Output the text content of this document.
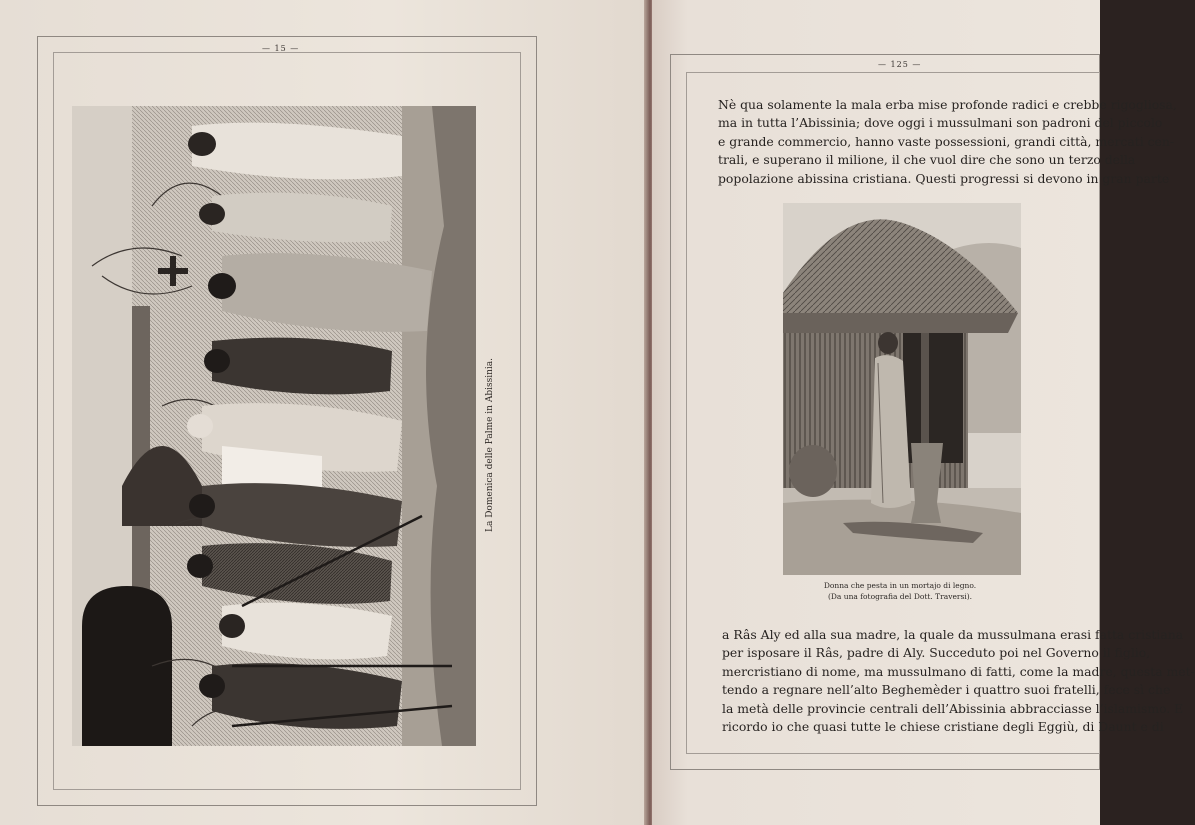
— 15 —
La Domenica delle Palme in Abissinia.
— 125 —
Nè qua solamente la mala erba mise profonde radici e crebbe rigogliosa,
ma in tutta l’Abissinia; dove oggi i mussulmani son padroni del piccolo
e grande commercio, hanno vaste possessioni, grandi città, mercati cen-
trali, e superano il milione, il che vuol dire che sono un terzo della
popolazione abissina cristiana. Questi progressi si devono in gran parte
Donna che pesta in un mortajo di legno.
(Da una fotografia del Dott. Traversi).
a Râs Aly ed alla sua madre, la quale da mussulmana erasi fatta cristiana
per isposare il Râs, padre di Aly. Succeduto poi nel Governo il figlio,
mercristiano di nome, ma mussulmano di fatti, come la madre, questa met-
tendo a regnare nell’alto Beghemèder i quattro suoi fratelli, fece sì che
la metà delle provincie centrali dell’Abissinia abbracciasse l’islamismo. E
ricordo io che quasi tutte le chiese cristiane degli Eggiù, di Daunt e di
